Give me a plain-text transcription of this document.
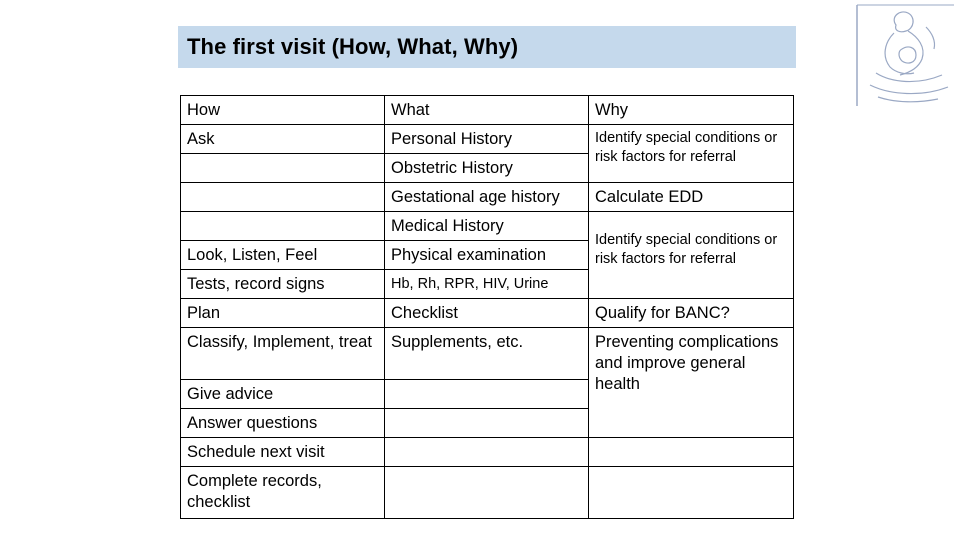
The first visit (How, What, Why)
How	What	Why
Ask	Personal History	Identify special conditions or risk factors for referral
	Obstetric History	
	Gestational age history	Calculate EDD
	Medical History	Identify special conditions or risk factors for referral
Look, Listen, Feel	Physical examination	
Tests, record signs	Hb, Rh, RPR, HIV, Urine	
Plan	Checklist	Qualify for BANC?
Classify, Implement, treat	Supplements, etc.	Preventing complications and improve general health
Give advice		
Answer questions		
Schedule next visit		
Complete records, checklist		
